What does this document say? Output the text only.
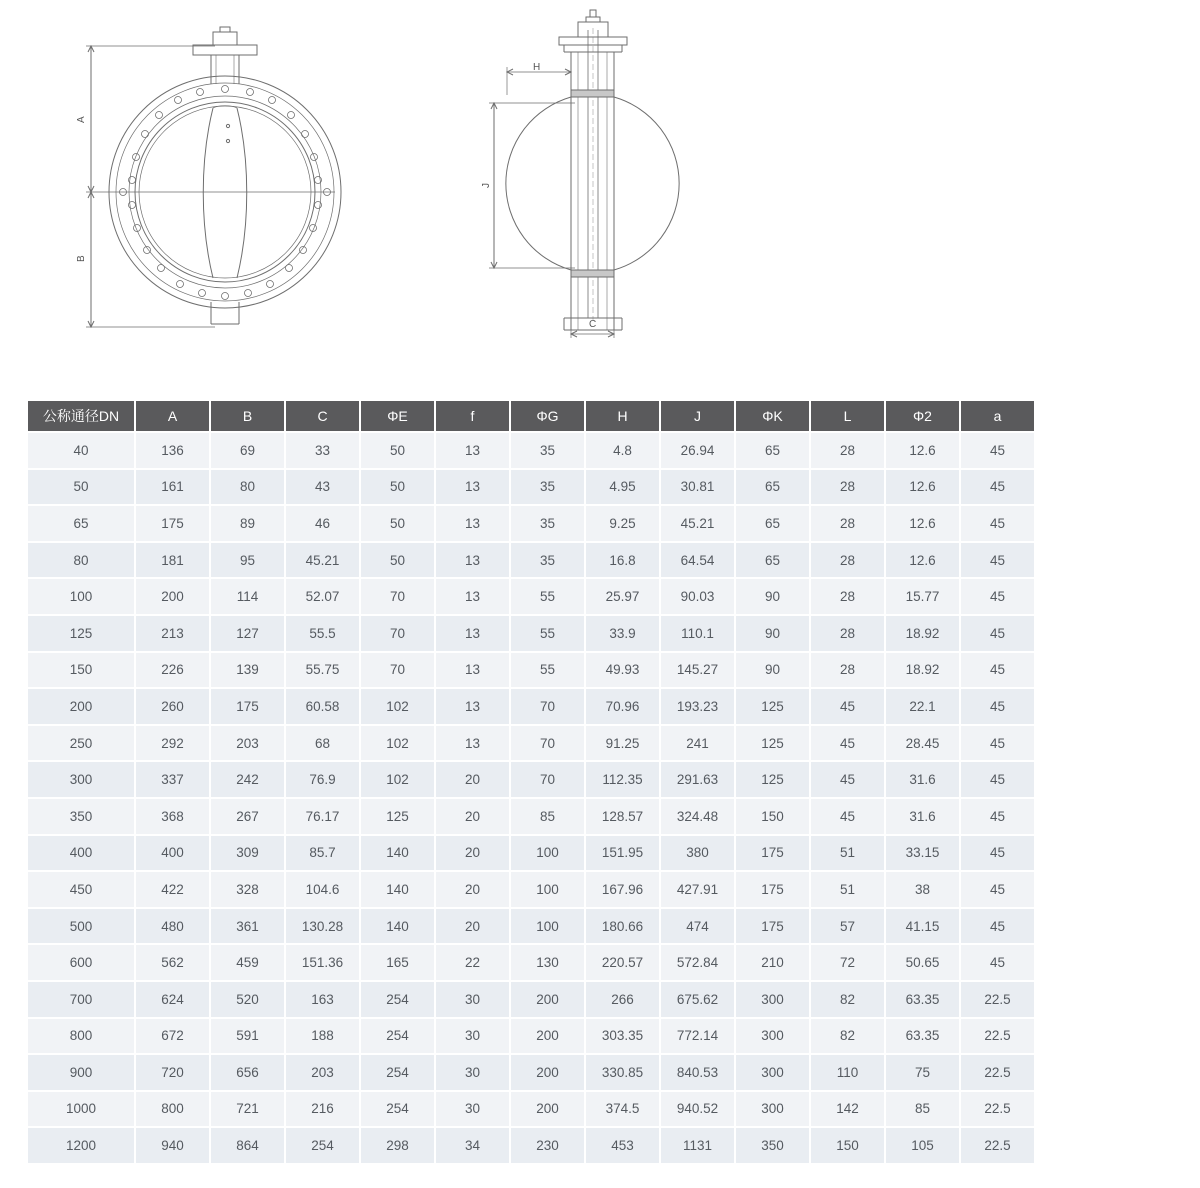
A
B
H
J
C
公称通径DN	A	B	C	ΦE	f	ΦG	H	J	ΦK	L	Φ2	a
40	136	69	33	50	13	35	4.8	26.94	65	28	12.6	45
50	161	80	43	50	13	35	4.95	30.81	65	28	12.6	45
65	175	89	46	50	13	35	9.25	45.21	65	28	12.6	45
80	181	95	45.21	50	13	35	16.8	64.54	65	28	12.6	45
100	200	114	52.07	70	13	55	25.97	90.03	90	28	15.77	45
125	213	127	55.5	70	13	55	33.9	110.1	90	28	18.92	45
150	226	139	55.75	70	13	55	49.93	145.27	90	28	18.92	45
200	260	175	60.58	102	13	70	70.96	193.23	125	45	22.1	45
250	292	203	68	102	13	70	91.25	241	125	45	28.45	45
300	337	242	76.9	102	20	70	112.35	291.63	125	45	31.6	45
350	368	267	76.17	125	20	85	128.57	324.48	150	45	31.6	45
400	400	309	85.7	140	20	100	151.95	380	175	51	33.15	45
450	422	328	104.6	140	20	100	167.96	427.91	175	51	38	45
500	480	361	130.28	140	20	100	180.66	474	175	57	41.15	45
600	562	459	151.36	165	22	130	220.57	572.84	210	72	50.65	45
700	624	520	163	254	30	200	266	675.62	300	82	63.35	22.5
800	672	591	188	254	30	200	303.35	772.14	300	82	63.35	22.5
900	720	656	203	254	30	200	330.85	840.53	300	110	75	22.5
1000	800	721	216	254	30	200	374.5	940.52	300	142	85	22.5
1200	940	864	254	298	34	230	453	1131	350	150	105	22.5
